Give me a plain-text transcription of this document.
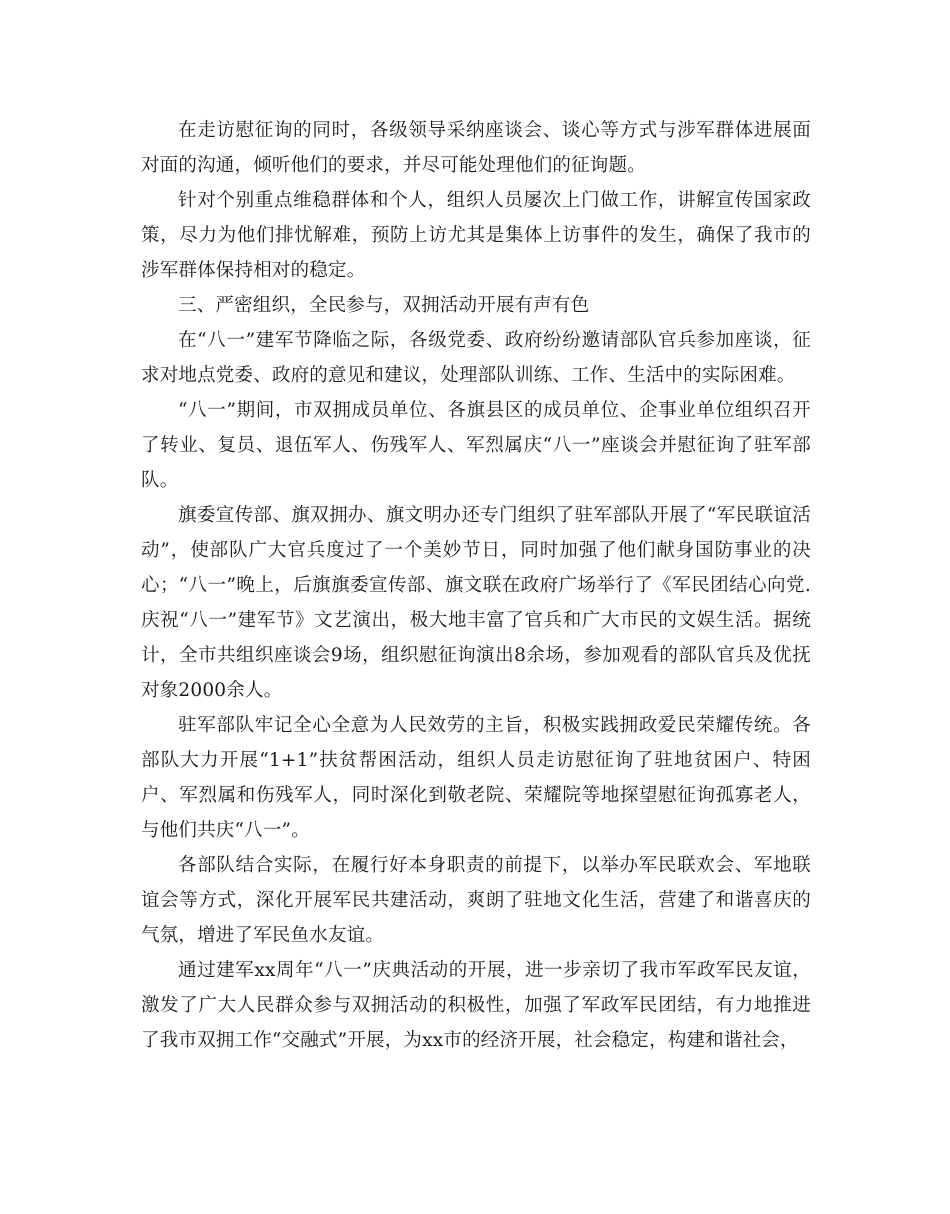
在走访慰征询的同时，各级领导采纳座谈会、谈心等方式与涉军群体进展面对面的沟通，倾听他们的要求，并尽可能处理他们的征询题。

针对个别重点维稳群体和个人，组织人员屡次上门做工作，讲解宣传国家政策，尽力为他们排忧解难，预防上访尤其是集体上访事件的发生，确保了我市的涉军群体保持相对的稳定。

三、严密组织，全民参与，双拥活动开展有声有色

在“八一”建军节降临之际，各级党委、政府纷纷邀请部队官兵参加座谈，征求对地点党委、政府的意见和建议，处理部队训练、工作、生活中的实际困难。

“八一”期间，市双拥成员单位、各旗县区的成员单位、企事业单位组织召开了转业、复员、退伍军人、伤残军人、军烈属庆“八一”座谈会并慰征询了驻军部队。

旗委宣传部、旗双拥办、旗文明办还专门组织了驻军部队开展了“军民联谊活动”，使部队广大官兵度过了一个美妙节日，同时加强了他们献身国防事业的决心；“八一”晚上，后旗旗委宣传部、旗文联在政府广场举行了《军民团结心向党.庆祝“八一”建军节》文艺演出，极大地丰富了官兵和广大市民的文娱生活。据统计，全市共组织座谈会9场，组织慰征询演出8余场，参加观看的部队官兵及优抚对象2000余人。

驻军部队牢记全心全意为人民效劳的主旨，积极实践拥政爱民荣耀传统。各部队大力开展“1+1”扶贫帮困活动，组织人员走访慰征询了驻地贫困户、特困户、军烈属和伤残军人，同时深化到敬老院、荣耀院等地探望慰征询孤寡老人，与他们共庆“八一”。

各部队结合实际，在履行好本身职责的前提下，以举办军民联欢会、军地联谊会等方式，深化开展军民共建活动，爽朗了驻地文化生活，营建了和谐喜庆的气氛，增进了军民鱼水友谊。

通过建军xx周年“八一”庆典活动的开展，进一步亲切了我市军政军民友谊，激发了广大人民群众参与双拥活动的积极性，加强了军政军民团结，有力地推进了我市双拥工作“交融式”开展，为xx市的经济开展，社会稳定，构建和谐社会，
